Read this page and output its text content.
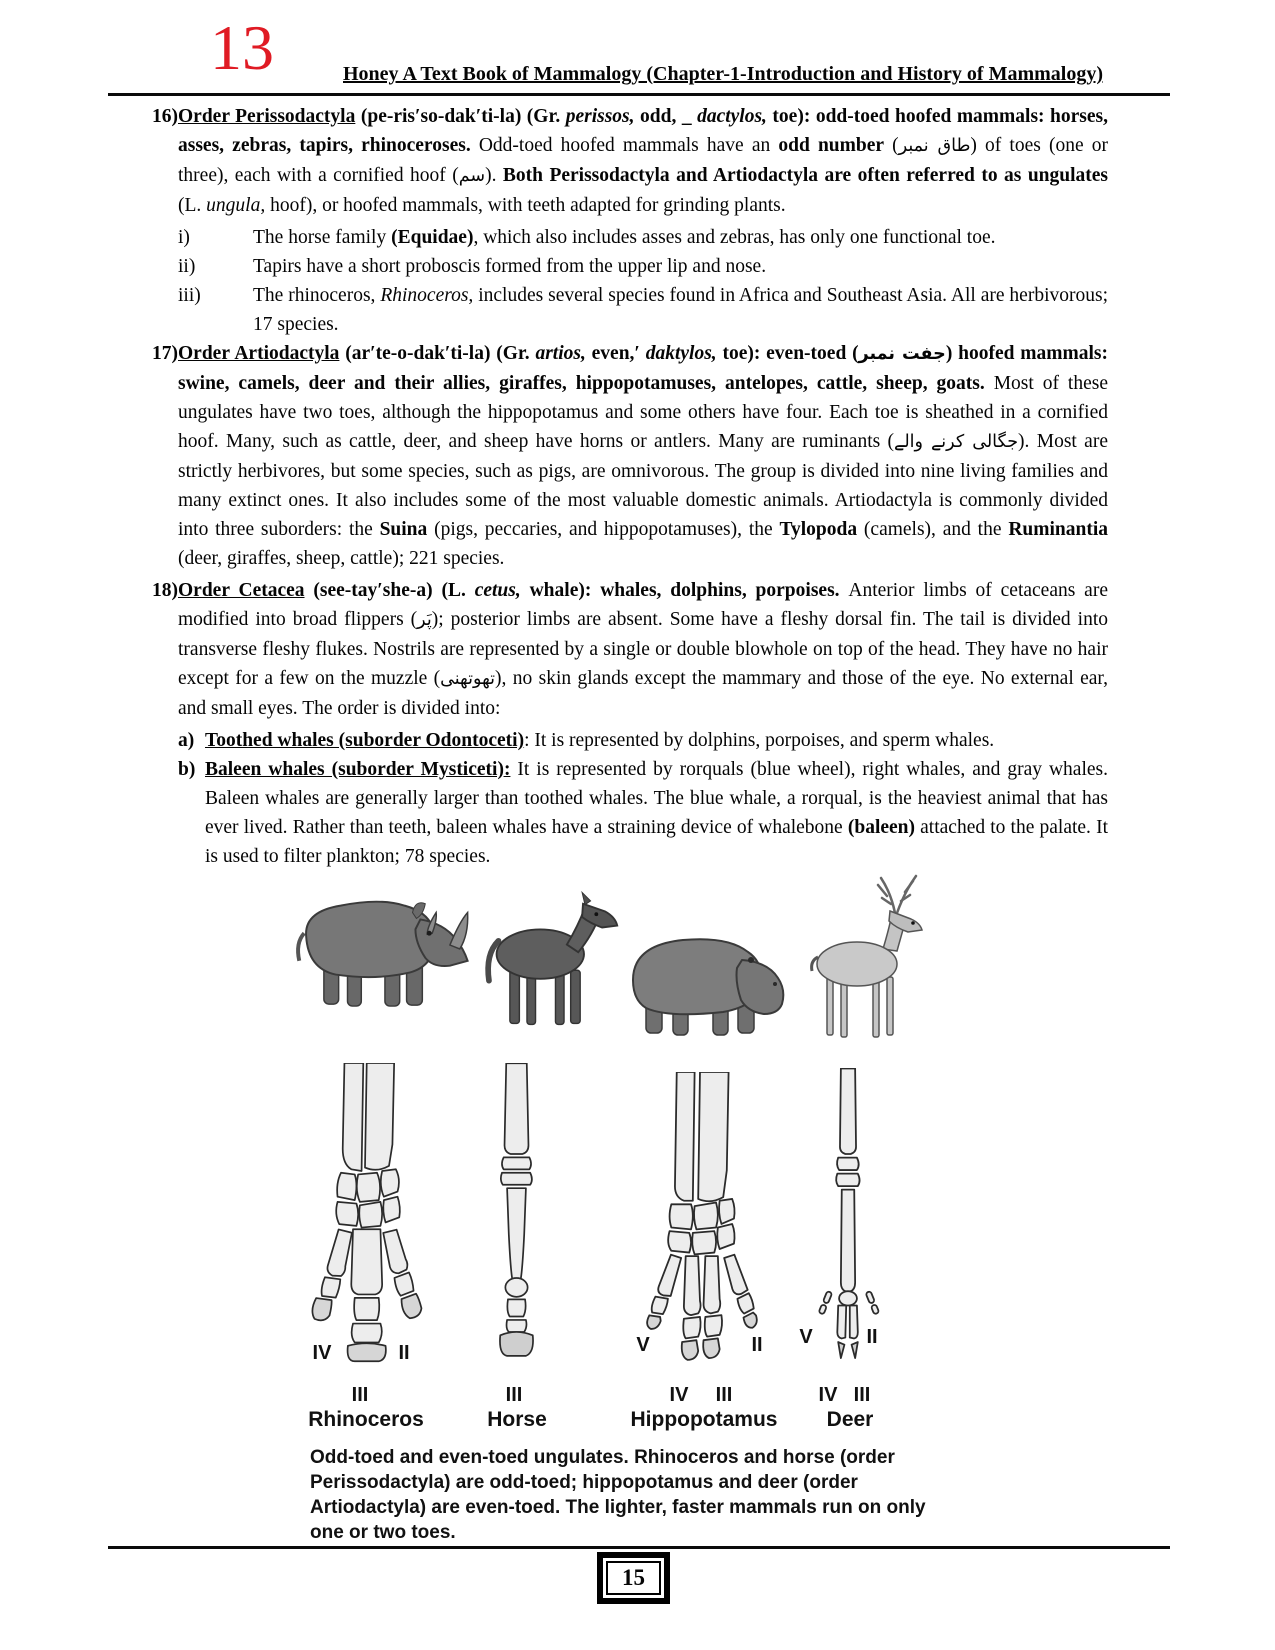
13	Honey A Text Book of Mammalogy (Chapter-1-Introduction and History of Mammalogy)
16)Order Perissodactyla (pe-ris′so-dak′ti-la) (Gr. perissos, odd, _ dactylos, toe): odd-toed hoofed mammals: horses, asses, zebras, tapirs, rhinoceroses. Odd-toed hoofed mammals have an odd number (طاق نمبر) of toes (one or three), each with a cornified hoof (سم). Both Perissodactyla and Artiodactyla are often referred to as ungulates (L. ungula, hoof), or hoofed mammals, with teeth adapted for grinding plants.
i)	The horse family (Equidae), which also includes asses and zebras, has only one functional toe.
ii)	Tapirs have a short proboscis formed from the upper lip and nose.
iii)	The rhinoceros, Rhinoceros, includes several species found in Africa and Southeast Asia. All are herbivorous; 17 species.
17)Order Artiodactyla (ar′te-o-dak′ti-la) (Gr. artios, even,′ daktylos, toe): even-toed (جفت نمبر) hoofed mammals: swine, camels, deer and their allies, giraffes, hippopotamuses, antelopes, cattle, sheep, goats. Most of these ungulates have two toes, although the hippopotamus and some others have four. Each toe is sheathed in a cornified hoof. Many, such as cattle, deer, and sheep have horns or antlers. Many are ruminants (جگالی کرنے والے). Most are strictly herbivores, but some species, such as pigs, are omnivorous. The group is divided into nine living families and many extinct ones. It also includes some of the most valuable domestic animals. Artiodactyla is commonly divided into three suborders: the Suina (pigs, peccaries, and hippopotamuses), the Tylopoda (camels), and the Ruminantia (deer, giraffes, sheep, cattle); 221 species.
18)Order Cetacea (see-tay′she-a) (L. cetus, whale): whales, dolphins, porpoises. Anterior limbs of cetaceans are modified into broad flippers (پَر); posterior limbs are absent. Some have a fleshy dorsal fin. The tail is divided into transverse fleshy flukes. Nostrils are represented by a single or double blowhole on top of the head. They have no hair except for a few on the muzzle (تھوتھنی), no skin glands except the mammary and those of the eye. No external ear, and small eyes. The order is divided into:
a) Toothed whales (suborder Odontoceti): It is represented by dolphins, porpoises, and sperm whales.
b) Baleen whales (suborder Mysticeti): It is represented by rorquals (blue wheel), right whales, and gray whales. Baleen whales are generally larger than toothed whales. The blue whale, a rorqual, is the heaviest animal that has ever lived. Rather than teeth, baleen whales have a straining device of whalebone (baleen) attached to the palate. It is used to filter plankton; 78 species.
IV	II
III	III
V	II
IV III
V	II
IV III
Rhinoceros	Horse	Hippopotamus Deer
Odd-toed and even-toed ungulates. Rhinoceros and horse (order Perissodactyla) are odd-toed; hippopotamus and deer (order Artiodactyla) are even-toed. The lighter, faster mammals run on only one or two toes.
15
